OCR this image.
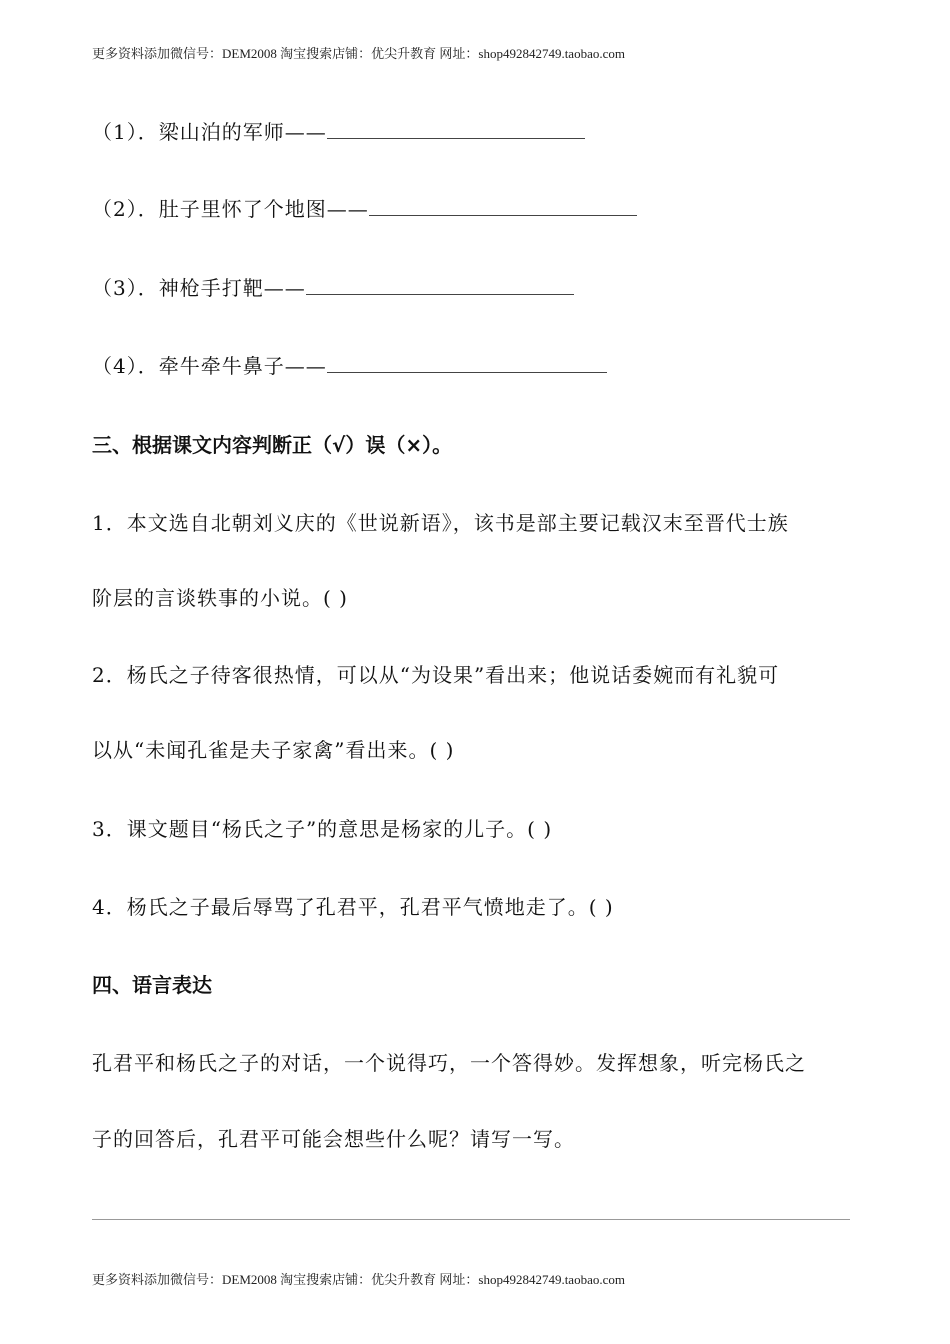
更多资料添加微信号：DEM2008 淘宝搜索店铺：优尖升教育 网址：shop492842749.taobao.com
（1）．梁山泊的军师——
（2）．肚子里怀了个地图——
（3）．神枪手打靶——
（4）．牵牛牵牛鼻子——
三、根据课文内容判断正（√）误（×）。
1．本文选自北朝刘义庆的《世说新语》，该书是部主要记载汉末至晋代士族
阶层的言谈轶事的小说。( )
2．杨氏之子待客很热情，可以从“为设果”看出来；他说话委婉而有礼貌可
以从“未闻孔雀是夫子家禽”看出来。( )
3．课文题目“杨氏之子”的意思是杨家的儿子。( )
4．杨氏之子最后辱骂了孔君平，孔君平气愤地走了。( )
四、语言表达
孔君平和杨氏之子的对话，一个说得巧，一个答得妙。发挥想象，听完杨氏之
子的回答后，孔君平可能会想些什么呢？请写一写。
更多资料添加微信号：DEM2008 淘宝搜索店铺：优尖升教育 网址：shop492842749.taobao.com
